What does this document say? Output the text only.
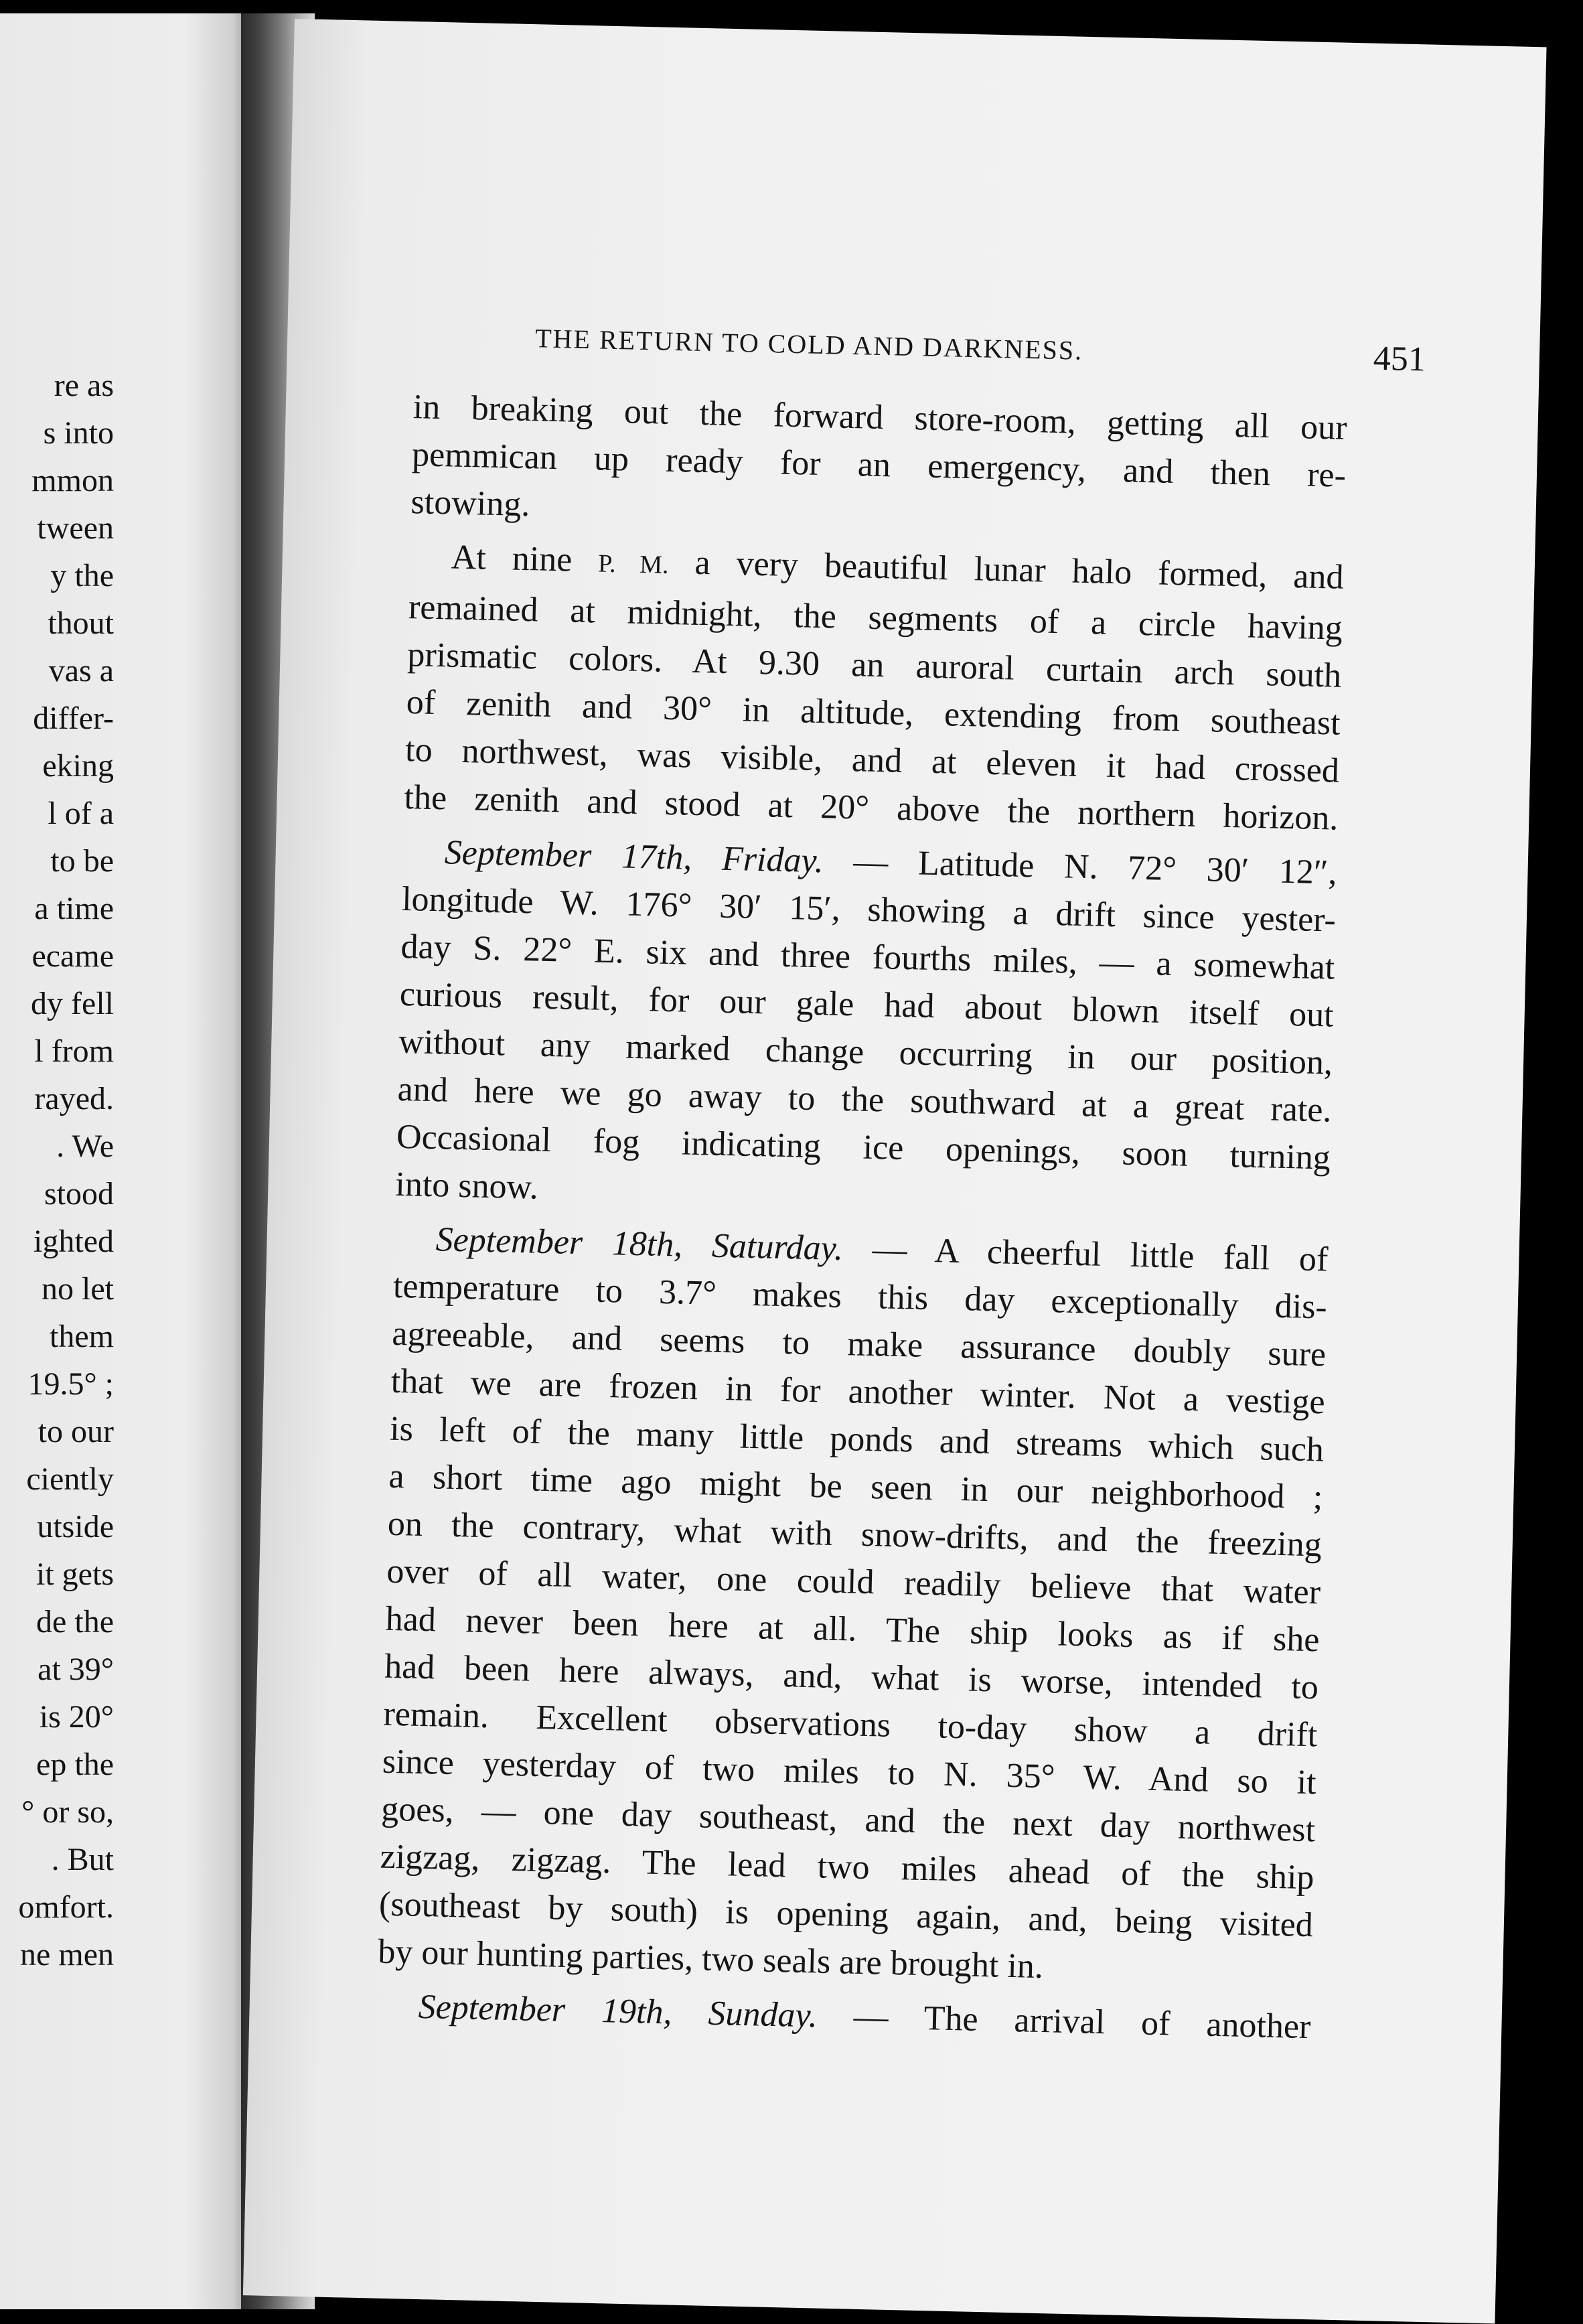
re as
s into
mmon
tween
y the
thout
vas a
differ-
eking
l of a
to be
a time
ecame
dy fell
l from
rayed.
. We
stood
ighted
no let
them
19.5° ;
to our
ciently
utside
it gets
de the
at 39°
is 20°
ep the
° or so,
. But
omfort.
ne men
THE RETURN TO COLD AND DARKNESS.	451
in breaking out the forward store-room, getting all our
pemmican up ready for an emergency, and then re-
stowing.
At nine P. M. a very beautiful lunar halo formed, and
remained at midnight, the segments of a circle having
prismatic colors. At 9.30 an auroral curtain arch south
of zenith and 30° in altitude, extending from southeast
to northwest, was visible, and at eleven it had crossed
the zenith and stood at 20° above the northern horizon.
September 17th, Friday. — Latitude N. 72° 30′ 12″,
longitude W. 176° 30′ 15′, showing a drift since yester-
day S. 22° E. six and three fourths miles, — a somewhat
curious result, for our gale had about blown itself out
without any marked change occurring in our position,
and here we go away to the southward at a great rate.
Occasional fog indicating ice openings, soon turning
into snow.
September 18th, Saturday. — A cheerful little fall of
temperature to 3.7° makes this day exceptionally dis-
agreeable, and seems to make assurance doubly sure
that we are frozen in for another winter. Not a vestige
is left of the many little ponds and streams which such
a short time ago might be seen in our neighborhood ;
on the contrary, what with snow-drifts, and the freezing
over of all water, one could readily believe that water
had never been here at all. The ship looks as if she
had been here always, and, what is worse, intended to
remain. Excellent observations to-day show a drift
since yesterday of two miles to N. 35° W. And so it
goes, — one day southeast, and the next day northwest
zigzag, zigzag. The lead two miles ahead of the ship
(southeast by south) is opening again, and, being visited
by our hunting parties, two seals are brought in.
September 19th, Sunday. — The arrival of another
